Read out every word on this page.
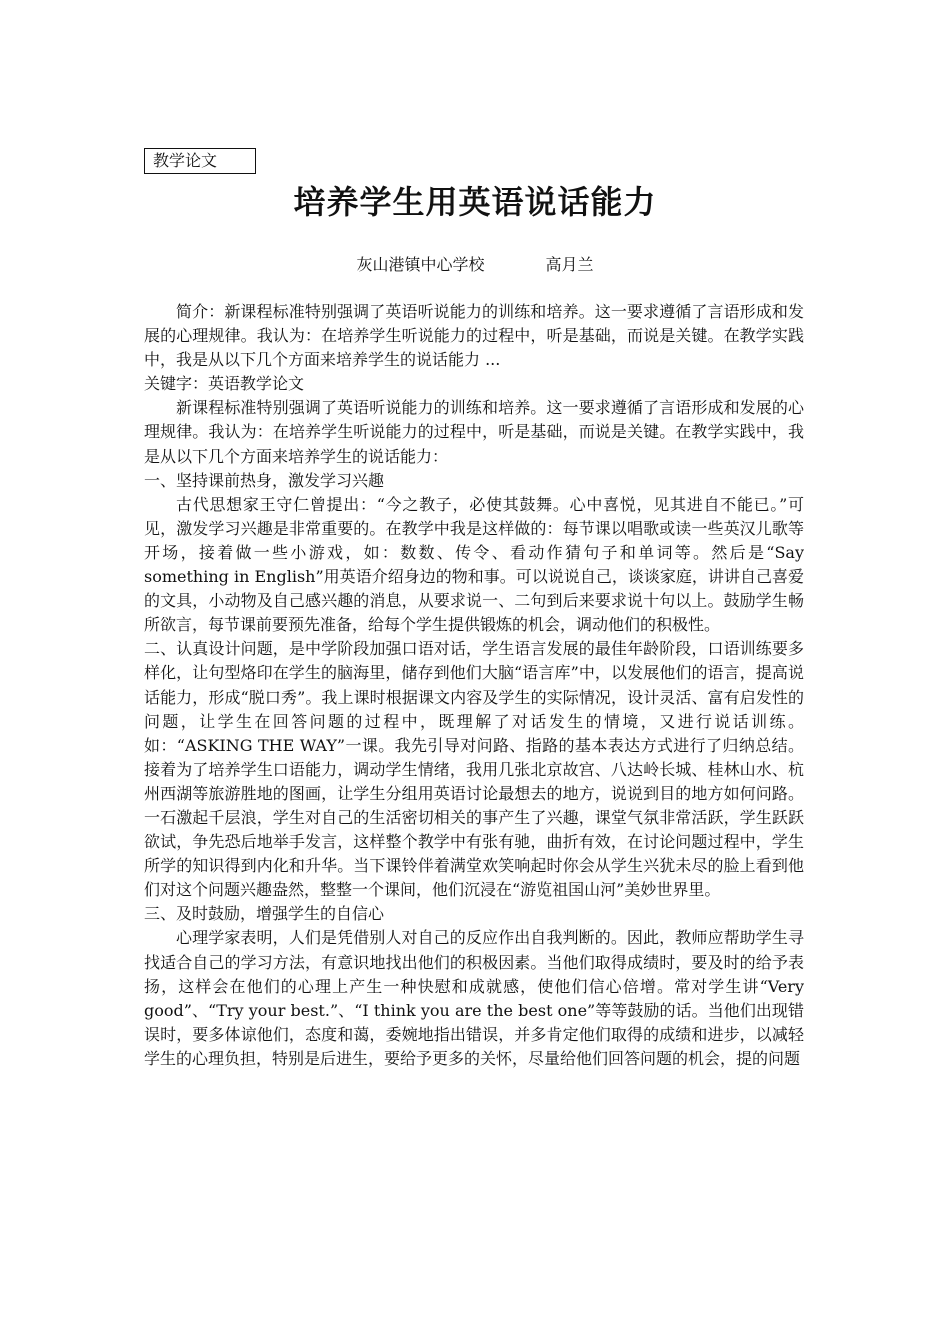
教学论文
培养学生用英语说话能力
灰山港镇中心学校	高月兰

简介：新课程标准特别强调了英语听说能力的训练和培养。这一要求遵循了言语形成和发展的心理规律。我认为：在培养学生听说能力的过程中，听是基础，而说是关键。在教学实践中，我是从以下几个方面来培养学生的说话能力 ...

关键字：英语教学论文

新课程标准特别强调了英语听说能力的训练和培养。这一要求遵循了言语形成和发展的心理规律。我认为：在培养学生听说能力的过程中，听是基础，而说是关键。在教学实践中，我是从以下几个方面来培养学生的说话能力：

一、坚持课前热身，激发学习兴趣

古代思想家王守仁曾提出：“今之教子，必使其鼓舞。心中喜悦，见其进自不能已。”可见，激发学习兴趣是非常重要的。在教学中我是这样做的：每节课以唱歌或读一些英汉儿歌等开场，接着做一些小游戏，如：数数、传令、看动作猜句子和单词等。然后是“Say something in English”用英语介绍身边的物和事。可以说说自己，谈谈家庭，讲讲自己喜爱的文具，小动物及自己感兴趣的消息，从要求说一、二句到后来要求说十句以上。鼓励学生畅所欲言，每节课前要预先准备，给每个学生提供锻炼的机会，调动他们的积极性。

二、认真设计问题，是中学阶段加强口语对话，学生语言发展的最佳年龄阶段，口语训练要多样化，让句型烙印在学生的脑海里，储存到他们大脑“语言库”中，以发展他们的语言，提高说话能力，形成“脱口秀”。我上课时根据课文内容及学生的实际情况，设计灵活、富有启发性的问题，让学生在回答问题的过程中，既理解了对话发生的情境，又进行说话训练。如：“ASKING THE WAY”一课。我先引导对问路、指路的基本表达方式进行了归纳总结。接着为了培养学生口语能力，调动学生情绪，我用几张北京故宫、八达岭长城、桂林山水、杭州西湖等旅游胜地的图画，让学生分组用英语讨论最想去的地方，说说到目的地方如何问路。一石激起千层浪，学生对自己的生活密切相关的事产生了兴趣，课堂气氛非常活跃，学生跃跃欲试，争先恐后地举手发言，这样整个教学中有张有驰，曲折有效，在讨论问题过程中，学生所学的知识得到内化和升华。当下课铃伴着满堂欢笑响起时你会从学生兴犹未尽的脸上看到他们对这个问题兴趣盎然，整整一个课间，他们沉浸在“游览祖国山河”美妙世界里。

三、及时鼓励，增强学生的自信心

心理学家表明，人们是凭借别人对自己的反应作出自我判断的。因此，教师应帮助学生寻找适合自己的学习方法，有意识地找出他们的积极因素。当他们取得成绩时，要及时的给予表扬，这样会在他们的心理上产生一种快慰和成就感，使他们信心倍增。常对学生讲“Very good”、“Try your best.”、“I think you are the best one”等等鼓励的话。当他们出现错误时，要多体谅他们，态度和蔼，委婉地指出错误，并多肯定他们取得的成绩和进步，以减轻学生的心理负担，特别是后进生，要给予更多的关怀，尽量给他们回答问题的机会，提的问题
